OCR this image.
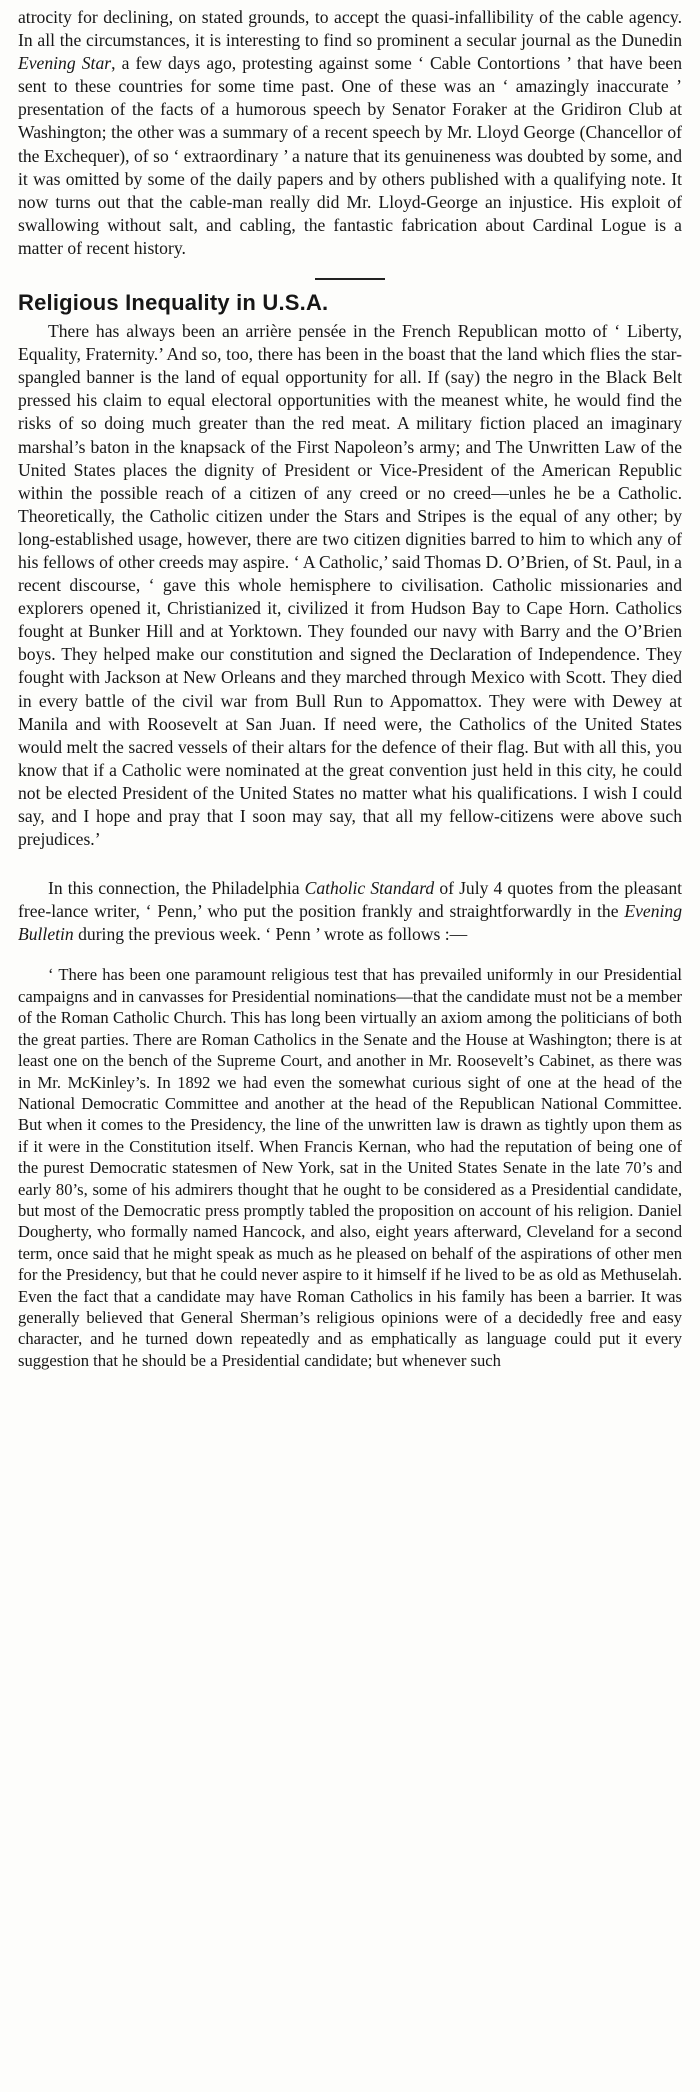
atrocity for declining, on stated grounds, to accept the quasi-infallibility of the cable agency. In all the circumstances, it is interesting to find so prominent a secular journal as the Dunedin Evening Star, a few days ago, protesting against some ‘ Cable Contortions ’ that have been sent to these countries for some time past. One of these was an ‘ amazingly inaccurate ’ presentation of the facts of a humorous speech by Senator Foraker at the Gridiron Club at Washington; the other was a summary of a recent speech by Mr. Lloyd George (Chancellor of the Exchequer), of so ‘ extraordinary ’ a nature that its genuineness was doubted by some, and it was omitted by some of the daily papers and by others published with a qualifying note. It now turns out that the cable-man really did Mr. Lloyd-George an injustice. His exploit of swallowing without salt, and cabling, the fantastic fabrication about Cardinal Logue is a matter of recent history.

Religious Inequality in U.S.A.

There has always been an arrière pensée in the French Republican motto of ‘ Liberty, Equality, Fraternity.’ And so, too, there has been in the boast that the land which flies the star-spangled banner is the land of equal opportunity for all. If (say) the negro in the Black Belt pressed his claim to equal electoral opportunities with the meanest white, he would find the risks of so doing much greater than the red meat. A military fiction placed an imaginary marshal’s baton in the knapsack of the First Napoleon’s army; and The Unwritten Law of the United States places the dignity of President or Vice-President of the American Republic within the possible reach of a citizen of any creed or no creed—unles he be a Catholic. Theoretically, the Catholic citizen under the Stars and Stripes is the equal of any other; by long-established usage, however, there are two citizen dignities barred to him to which any of his fellows of other creeds may aspire. ‘ A Catholic,’ said Thomas D. O’Brien, of St. Paul, in a recent discourse, ‘ gave this whole hemisphere to civilisation. Catholic missionaries and explorers opened it, Christianized it, civilized it from Hudson Bay to Cape Horn. Catholics fought at Bunker Hill and at Yorktown. They founded our navy with Barry and the O’Brien boys. They helped make our constitution and signed the Declaration of Independence. They fought with Jackson at New Orleans and they marched through Mexico with Scott. They died in every battle of the civil war from Bull Run to Appomattox. They were with Dewey at Manila and with Roosevelt at San Juan. If need were, the Catholics of the United States would melt the sacred vessels of their altars for the defence of their flag. But with all this, you know that if a Catholic were nominated at the great convention just held in this city, he could not be elected President of the United States no matter what his qualifications. I wish I could say, and I hope and pray that I soon may say, that all my fellow-citizens were above such prejudices.’

In this connection, the Philadelphia Catholic Standard of July 4 quotes from the pleasant free-lance writer, ‘ Penn,’ who put the position frankly and straightforwardly in the Evening Bulletin during the previous week. ‘ Penn ’ wrote as follows :—

‘ There has been one paramount religious test that has prevailed uniformly in our Presidential campaigns and in canvasses for Presidential nominations—that the candidate must not be a member of the Roman Catholic Church. This has long been virtually an axiom among the politicians of both the great parties. There are Roman Catholics in the Senate and the House at Washington; there is at least one on the bench of the Supreme Court, and another in Mr. Roosevelt’s Cabinet, as there was in Mr. McKinley’s. In 1892 we had even the somewhat curious sight of one at the head of the National Democratic Committee and another at the head of the Republican National Committee. But when it comes to the Presidency, the line of the unwritten law is drawn as tightly upon them as if it were in the Constitution itself. When Francis Kernan, who had the reputation of being one of the purest Democratic statesmen of New York, sat in the United States Senate in the late 70’s and early 80’s, some of his admirers thought that he ought to be considered as a Presidential candidate, but most of the Democratic press promptly tabled the proposition on account of his religion. Daniel Dougherty, who formally named Hancock, and also, eight years afterward, Cleveland for a second term, once said that he might speak as much as he pleased on behalf of the aspirations of other men for the Presidency, but that he could never aspire to it himself if he lived to be as old as Methuselah. Even the fact that a candidate may have Roman Catholics in his family has been a barrier. It was generally believed that General Sherman’s religious opinions were of a decidedly free and easy character, and he turned down repeatedly and as emphatically as language could put it every suggestion that he should be a Presidential candidate; but whenever such
